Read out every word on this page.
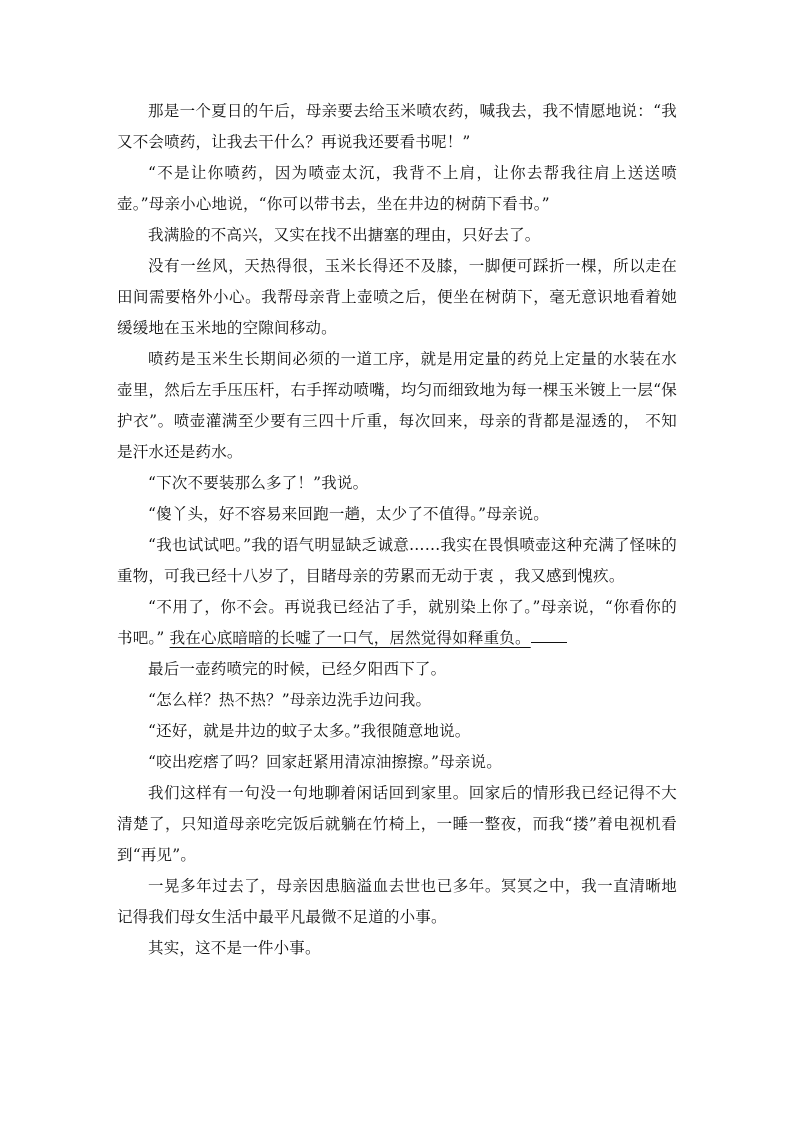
那是一个夏日的午后，母亲要去给玉米喷农药，喊我去，我不情愿地说：“我又不会喷药，让我去干什么？再说我还要看书呢！”

“不是让你喷药，因为喷壶太沉，我背不上肩，让你去帮我往肩上送送喷壶。”母亲小心地说，“你可以带书去，坐在井边的树荫下看书。”

我满脸的不高兴，又实在找不出搪塞的理由，只好去了。

没有一丝风，天热得很，玉米长得还不及膝，一脚便可踩折一棵，所以走在田间需要格外小心。我帮母亲背上壶喷之后，便坐在树荫下，毫无意识地看着她缓缓地在玉米地的空隙间移动。

喷药是玉米生长期间必须的一道工序，就是用定量的药兑上定量的水装在水壶里，然后左手压压杆，右手挥动喷嘴，均匀而细致地为每一棵玉米镀上一层“保护衣”。喷壶灌满至少要有三四十斤重，每次回来，母亲的背都是湿透的， 不知是汗水还是药水。

“下次不要装那么多了！”我说。

“傻丫头，好不容易来回跑一趟，太少了不值得。”母亲说。

“我也试试吧。”我的语气明显缺乏诚意……我实在畏惧喷壶这种充满了怪味的重物，可我已经十八岁了，目睹母亲的劳累而无动于衷 ，我又感到愧疚。

“不用了，你不会。再说我已经沾了手，就别染上你了。”母亲说，“你看你的书吧。” 我在心底暗暗的长嘘了一口气，居然觉得如释重负。

最后一壶药喷完的时候，已经夕阳西下了。

“怎么样？热不热？”母亲边洗手边问我。

“还好，就是井边的蚊子太多。”我很随意地说。

“咬出疙瘩了吗？回家赶紧用清凉油擦擦。”母亲说。

我们这样有一句没一句地聊着闲话回到家里。回家后的情形我已经记得不大清楚了，只知道母亲吃完饭后就躺在竹椅上，一睡一整夜，而我“搂”着电视机看到“再见”。

一晃多年过去了，母亲因患脑溢血去世也已多年。冥冥之中，我一直清晰地记得我们母女生活中最平凡最微不足道的小事。

其实，这不是一件小事。
